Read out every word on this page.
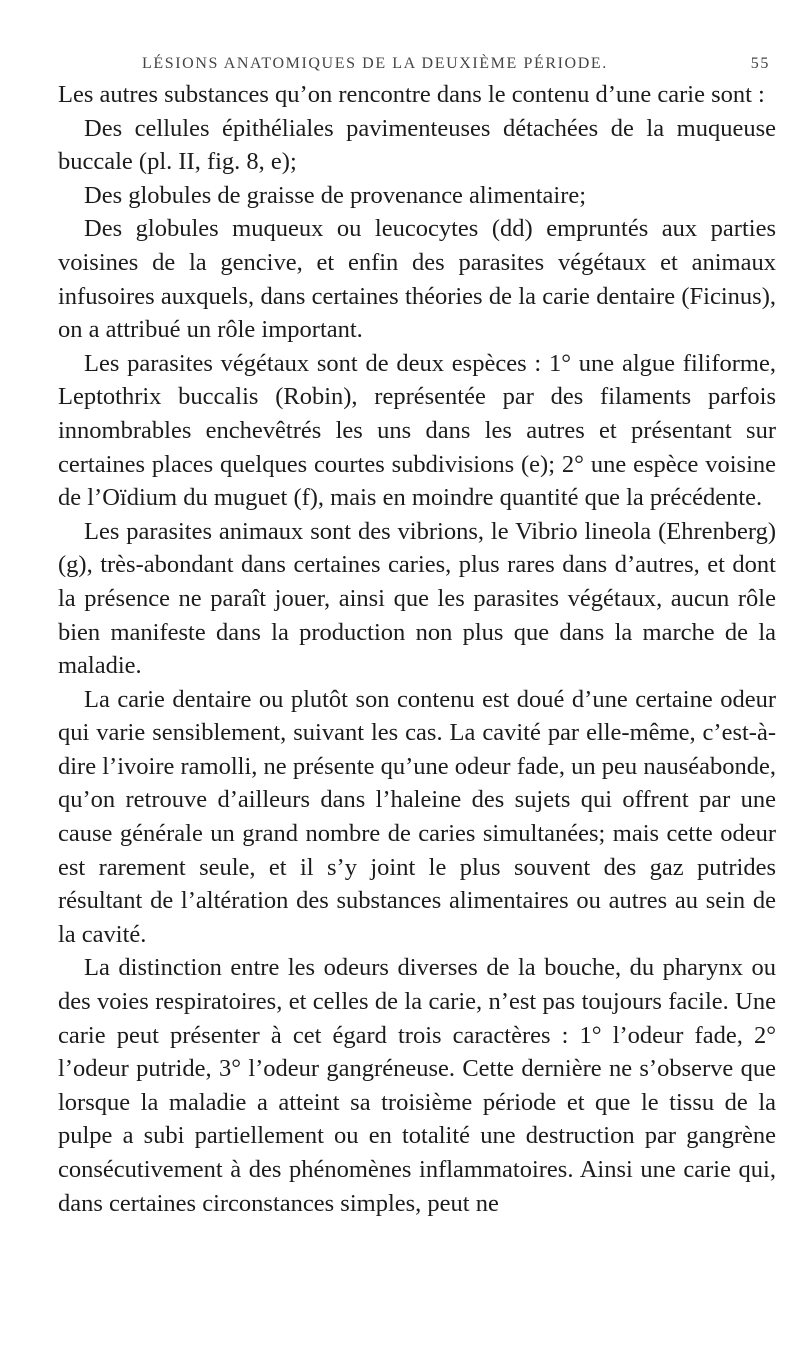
LÉSIONS ANATOMIQUES DE LA DEUXIÈME PÉRIODE.	55

Les autres substances qu’on rencontre dans le contenu d’une carie sont :

Des cellules épithéliales pavimenteuses détachées de la muqueuse buccale (pl. II, fig. 8, e);

Des globules de graisse de provenance alimentaire;

Des globules muqueux ou leucocytes (dd) empruntés aux parties voisines de la gencive, et enfin des parasites végétaux et animaux infusoires auxquels, dans certaines théories de la carie dentaire (Ficinus), on a attribué un rôle important.

Les parasites végétaux sont de deux espèces : 1° une algue filiforme, Leptothrix buccalis (Robin), représentée par des filaments parfois innombrables enchevêtrés les uns dans les autres et présentant sur certaines places quelques courtes subdivisions (e); 2° une espèce voisine de l’Oïdium du muguet (f), mais en moindre quantité que la précédente.

Les parasites animaux sont des vibrions, le Vibrio lineola (Ehrenberg) (g), très-abondant dans certaines caries, plus rares dans d’autres, et dont la présence ne paraît jouer, ainsi que les parasites végétaux, aucun rôle bien manifeste dans la production non plus que dans la marche de la maladie.

La carie dentaire ou plutôt son contenu est doué d’une certaine odeur qui varie sensiblement, suivant les cas. La cavité par elle-même, c’est-à-dire l’ivoire ramolli, ne présente qu’une odeur fade, un peu nauséabonde, qu’on retrouve d’ailleurs dans l’haleine des sujets qui offrent par une cause générale un grand nombre de caries simultanées; mais cette odeur est rarement seule, et il s’y joint le plus souvent des gaz putrides résultant de l’altération des substances alimentaires ou autres au sein de la cavité.

La distinction entre les odeurs diverses de la bouche, du pharynx ou des voies respiratoires, et celles de la carie, n’est pas toujours facile. Une carie peut présenter à cet égard trois caractères : 1° l’odeur fade, 2° l’odeur putride, 3° l’odeur gangréneuse. Cette dernière ne s’observe que lorsque la maladie a atteint sa troisième période et que le tissu de la pulpe a subi partiellement ou en totalité une destruction par gangrène consécutivement à des phénomènes inflammatoires. Ainsi une carie qui, dans certaines circonstances simples, peut ne
